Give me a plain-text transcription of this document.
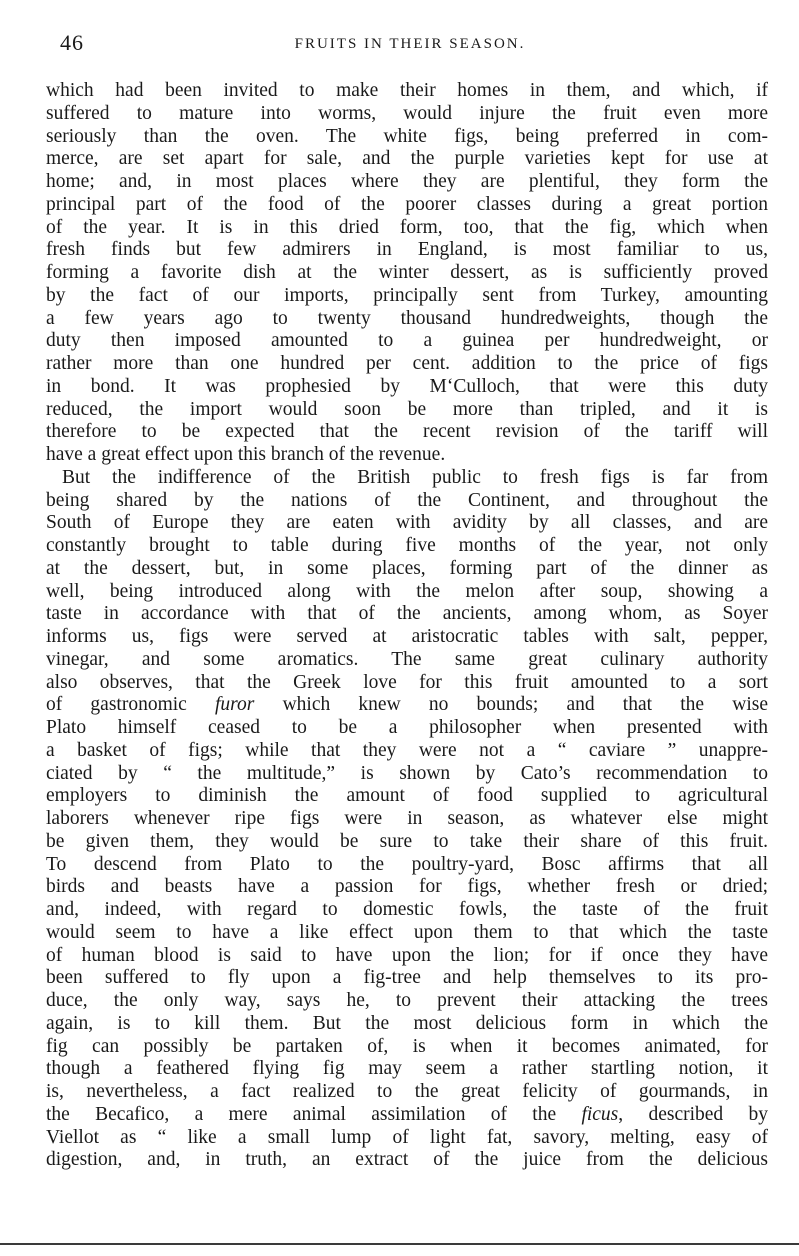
46	FRUITS IN THEIR SEASON.
which had been invited to make their homes in them, and which, if
suffered to mature into worms, would injure the fruit even more
seriously than the oven. The white figs, being preferred in com-
merce, are set apart for sale, and the purple varieties kept for use at
home; and, in most places where they are plentiful, they form the
principal part of the food of the poorer classes during a great portion
of the year. It is in this dried form, too, that the fig, which when
fresh finds but few admirers in England, is most familiar to us,
forming a favorite dish at the winter dessert, as is sufficiently proved
by the fact of our imports, principally sent from Turkey, amounting
a few years ago to twenty thousand hundredweights, though the
duty then imposed amounted to a guinea per hundredweight, or
rather more than one hundred per cent. addition to the price of figs
in bond. It was prophesied by M‘Culloch, that were this duty
reduced, the import would soon be more than tripled, and it is
therefore to be expected that the recent revision of the tariff will
have a great effect upon this branch of the revenue.
But the indifference of the British public to fresh figs is far from
being shared by the nations of the Continent, and throughout the
South of Europe they are eaten with avidity by all classes, and are
constantly brought to table during five months of the year, not only
at the dessert, but, in some places, forming part of the dinner as
well, being introduced along with the melon after soup, showing a
taste in accordance with that of the ancients, among whom, as Soyer
informs us, figs were served at aristocratic tables with salt, pepper,
vinegar, and some aromatics. The same great culinary authority
also observes, that the Greek love for this fruit amounted to a sort
of gastronomic furor which knew no bounds; and that the wise
Plato himself ceased to be a philosopher when presented with
a basket of figs; while that they were not a “ caviare ” unappre-
ciated by “ the multitude,” is shown by Cato’s recommendation to
employers to diminish the amount of food supplied to agricultural
laborers whenever ripe figs were in season, as whatever else might
be given them, they would be sure to take their share of this fruit.
To descend from Plato to the poultry-yard, Bosc affirms that all
birds and beasts have a passion for figs, whether fresh or dried;
and, indeed, with regard to domestic fowls, the taste of the fruit
would seem to have a like effect upon them to that which the taste
of human blood is said to have upon the lion; for if once they have
been suffered to fly upon a fig-tree and help themselves to its pro-
duce, the only way, says he, to prevent their attacking the trees
again, is to kill them. But the most delicious form in which the
fig can possibly be partaken of, is when it becomes animated, for
though a feathered flying fig may seem a rather startling notion, it
is, nevertheless, a fact realized to the great felicity of gourmands, in
the Becafico, a mere animal assimilation of the ficus, described by
Viellot as “ like a small lump of light fat, savory, melting, easy of
digestion, and, in truth, an extract of the juice from the delicious
